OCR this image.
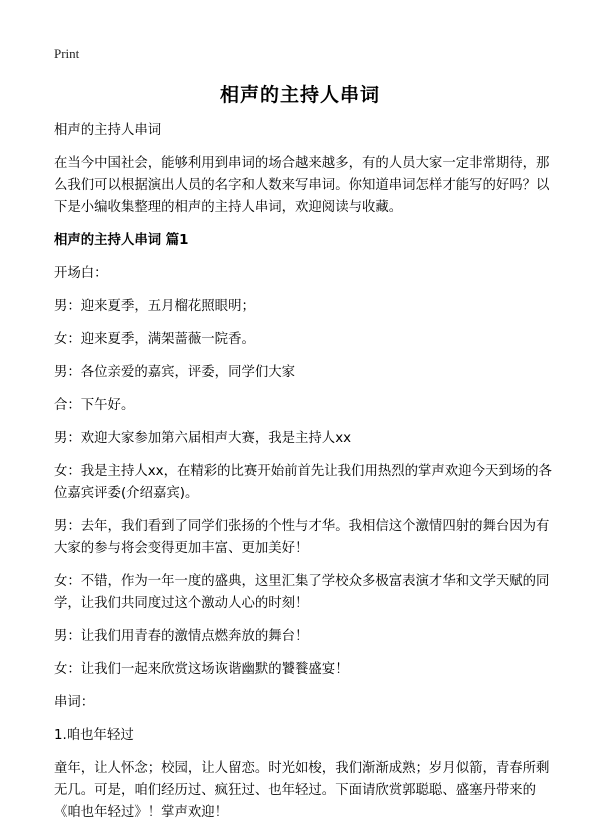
Print
相声的主持人串词

相声的主持人串词

在当今中国社会，能够利用到串词的场合越来越多，有的人员大家一定非常期待，那么我们可以根据演出人员的名字和人数来写串词。你知道串词怎样才能写的好吗？以下是小编收集整理的相声的主持人串词，欢迎阅读与收藏。

相声的主持人串词 篇1

开场白：

男：迎来夏季，五月榴花照眼明；

女：迎来夏季，满架蔷薇一院香。

男：各位亲爱的嘉宾，评委，同学们大家

合：下午好。

男：欢迎大家参加第六届相声大赛，我是主持人xx

女：我是主持人xx，在精彩的比赛开始前首先让我们用热烈的掌声欢迎今天到场的各位嘉宾评委(介绍嘉宾)。

男：去年，我们看到了同学们张扬的个性与才华。我相信这个激情四射的舞台因为有大家的参与将会变得更加丰富、更加美好！

女：不错，作为一年一度的盛典，这里汇集了学校众多极富表演才华和文学天赋的同学，让我们共同度过这个激动人心的时刻！

男：让我们用青春的激情点燃奔放的舞台！

女：让我们一起来欣赏这场诙谐幽默的饕餮盛宴！

串词：

1.咱也年轻过

童年，让人怀念；校园，让人留恋。时光如梭，我们渐渐成熟；岁月似箭，青春所剩无几。可是，咱们经历过、疯狂过、也年轻过。下面请欣赏郭聪聪、盛塞丹带来的《咱也年轻过》！掌声欢迎！
